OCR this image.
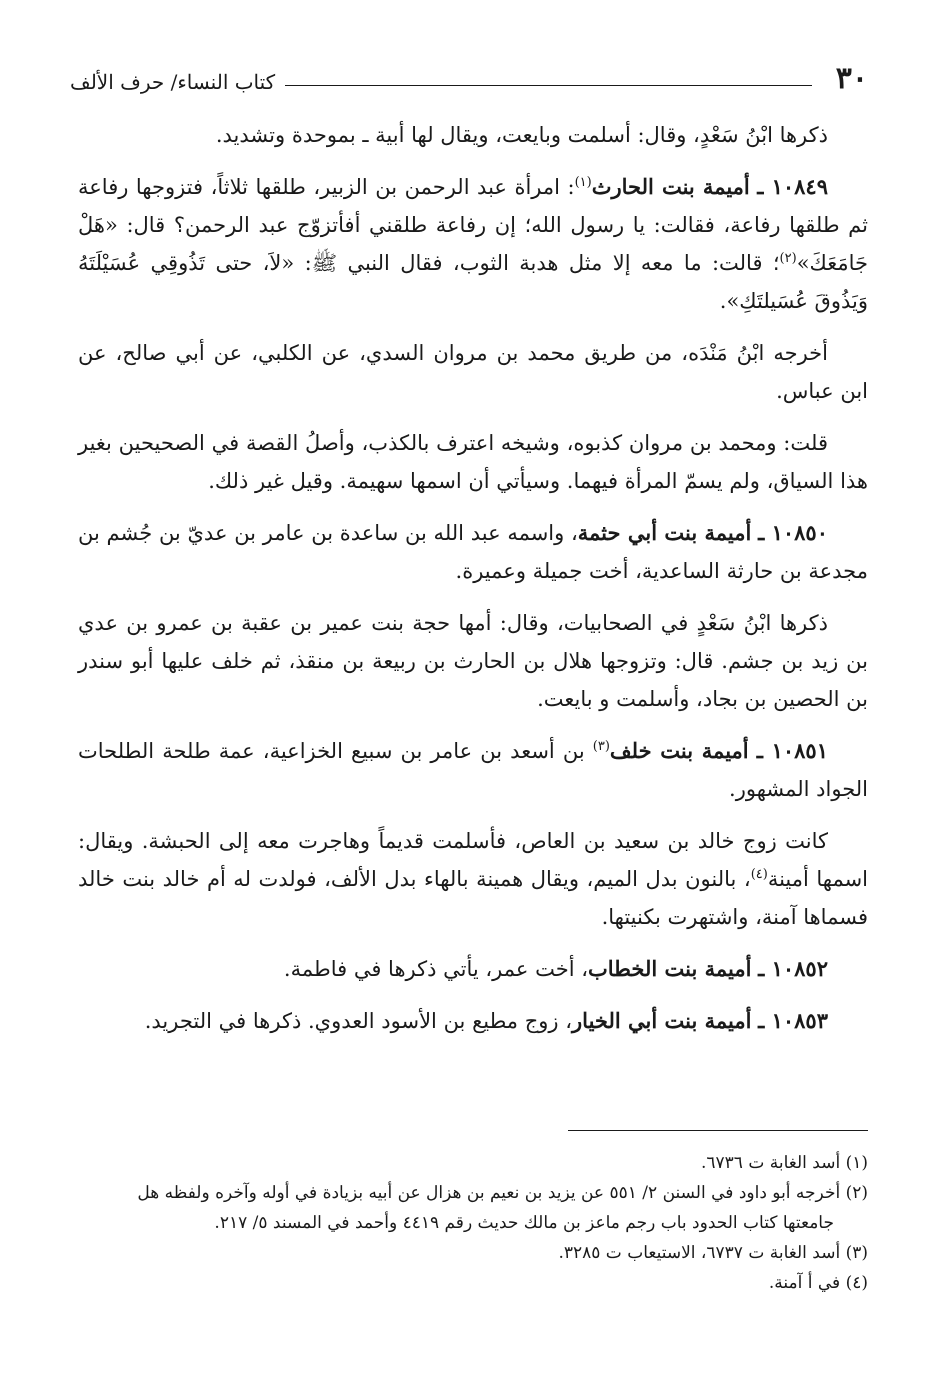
٣٠
كتاب النساء/ حرف الألف

ذكرها ابْنُ سَعْدٍ، وقال: أسلمت وبايعت، ويقال لها أبية ـ بموحدة وتشديد.

١٠٨٤٩ ـ أميمة بنت الحارث$^{(١)}$: امرأة عبد الرحمن بن الزبير، طلقها ثلاثاً، فتزوجها رفاعة ثم طلقها رفاعة، فقالت: يا رسول الله؛ إن رفاعة طلقني أفأتزوّج عبد الرحمن؟ قال: «هَلْ جَامَعَكَ»$^{(٢)}$؛ قالت: ما معه إلا مثل هدبة الثوب، فقال النبي ﷺ: «لاَ، حتى تَذُوقِي عُسَيْلَتَهُ وَيَذُوقَ عُسَيلتَكِ».

أخرجه ابْنُ مَنْدَه، من طريق محمد بن مروان السدي، عن الكلبي، عن أبي صالح، عن ابن عباس.

قلت: ومحمد بن مروان كذبوه، وشيخه اعترف بالكذب، وأصلُ القصة في الصحيحين بغير هذا السياق، ولم يسمّ المرأة فيهما. وسيأتي أن اسمها سهيمة. وقيل غير ذلك.

١٠٨٥٠ ـ أميمة بنت أبي حثمة، واسمه عبد الله بن ساعدة بن عامر بن عديّ بن جُشم بن مجدعة بن حارثة الساعدية، أخت جميلة وعميرة.

ذكرها ابْنُ سَعْدٍ في الصحابيات، وقال: أمها حجة بنت عمير بن عقبة بن عمرو بن عدي بن زيد بن جشم. قال: وتزوجها هلال بن الحارث بن ربيعة بن منقذ، ثم خلف عليها أبو سندر بن الحصين بن بجاد، وأسلمت و بايعت.

١٠٨٥١ ـ أميمة بنت خلف$^{(٣)}$ بن أسعد بن عامر بن سبيع الخزاعية، عمة طلحة الطلحات الجواد المشهور.

كانت زوج خالد بن سعيد بن العاص، فأسلمت قديماً وهاجرت معه إلى الحبشة. ويقال: اسمها أمينة$^{(٤)}$، بالنون بدل الميم، ويقال همينة بالهاء بدل الألف، فولدت له أم خالد بنت خالد فسماها آمنة، واشتهرت بكنيتها.

١٠٨٥٢ ـ أميمة بنت الخطاب، أخت عمر، يأتي ذكرها في فاطمة.

١٠٨٥٣ ـ أميمة بنت أبي الخيار، زوج مطيع بن الأسود العدوي. ذكرها في التجريد.

(١) أسد الغابة ت ٦٧٣٦.

(٢) أخرجه أبو داود في السنن ٢/ ٥٥١ عن يزيد بن نعيم بن هزال عن أبيه بزيادة في أوله وآخره ولفظه هل
جامعتها كتاب الحدود باب رجم ماعز بن مالك حديث رقم ٤٤١٩ وأحمد في المسند ٥/ ٢١٧.

(٣) أسد الغابة ت ٦٧٣٧، الاستيعاب ت ٣٢٨٥.

(٤) في أ آمنة.
